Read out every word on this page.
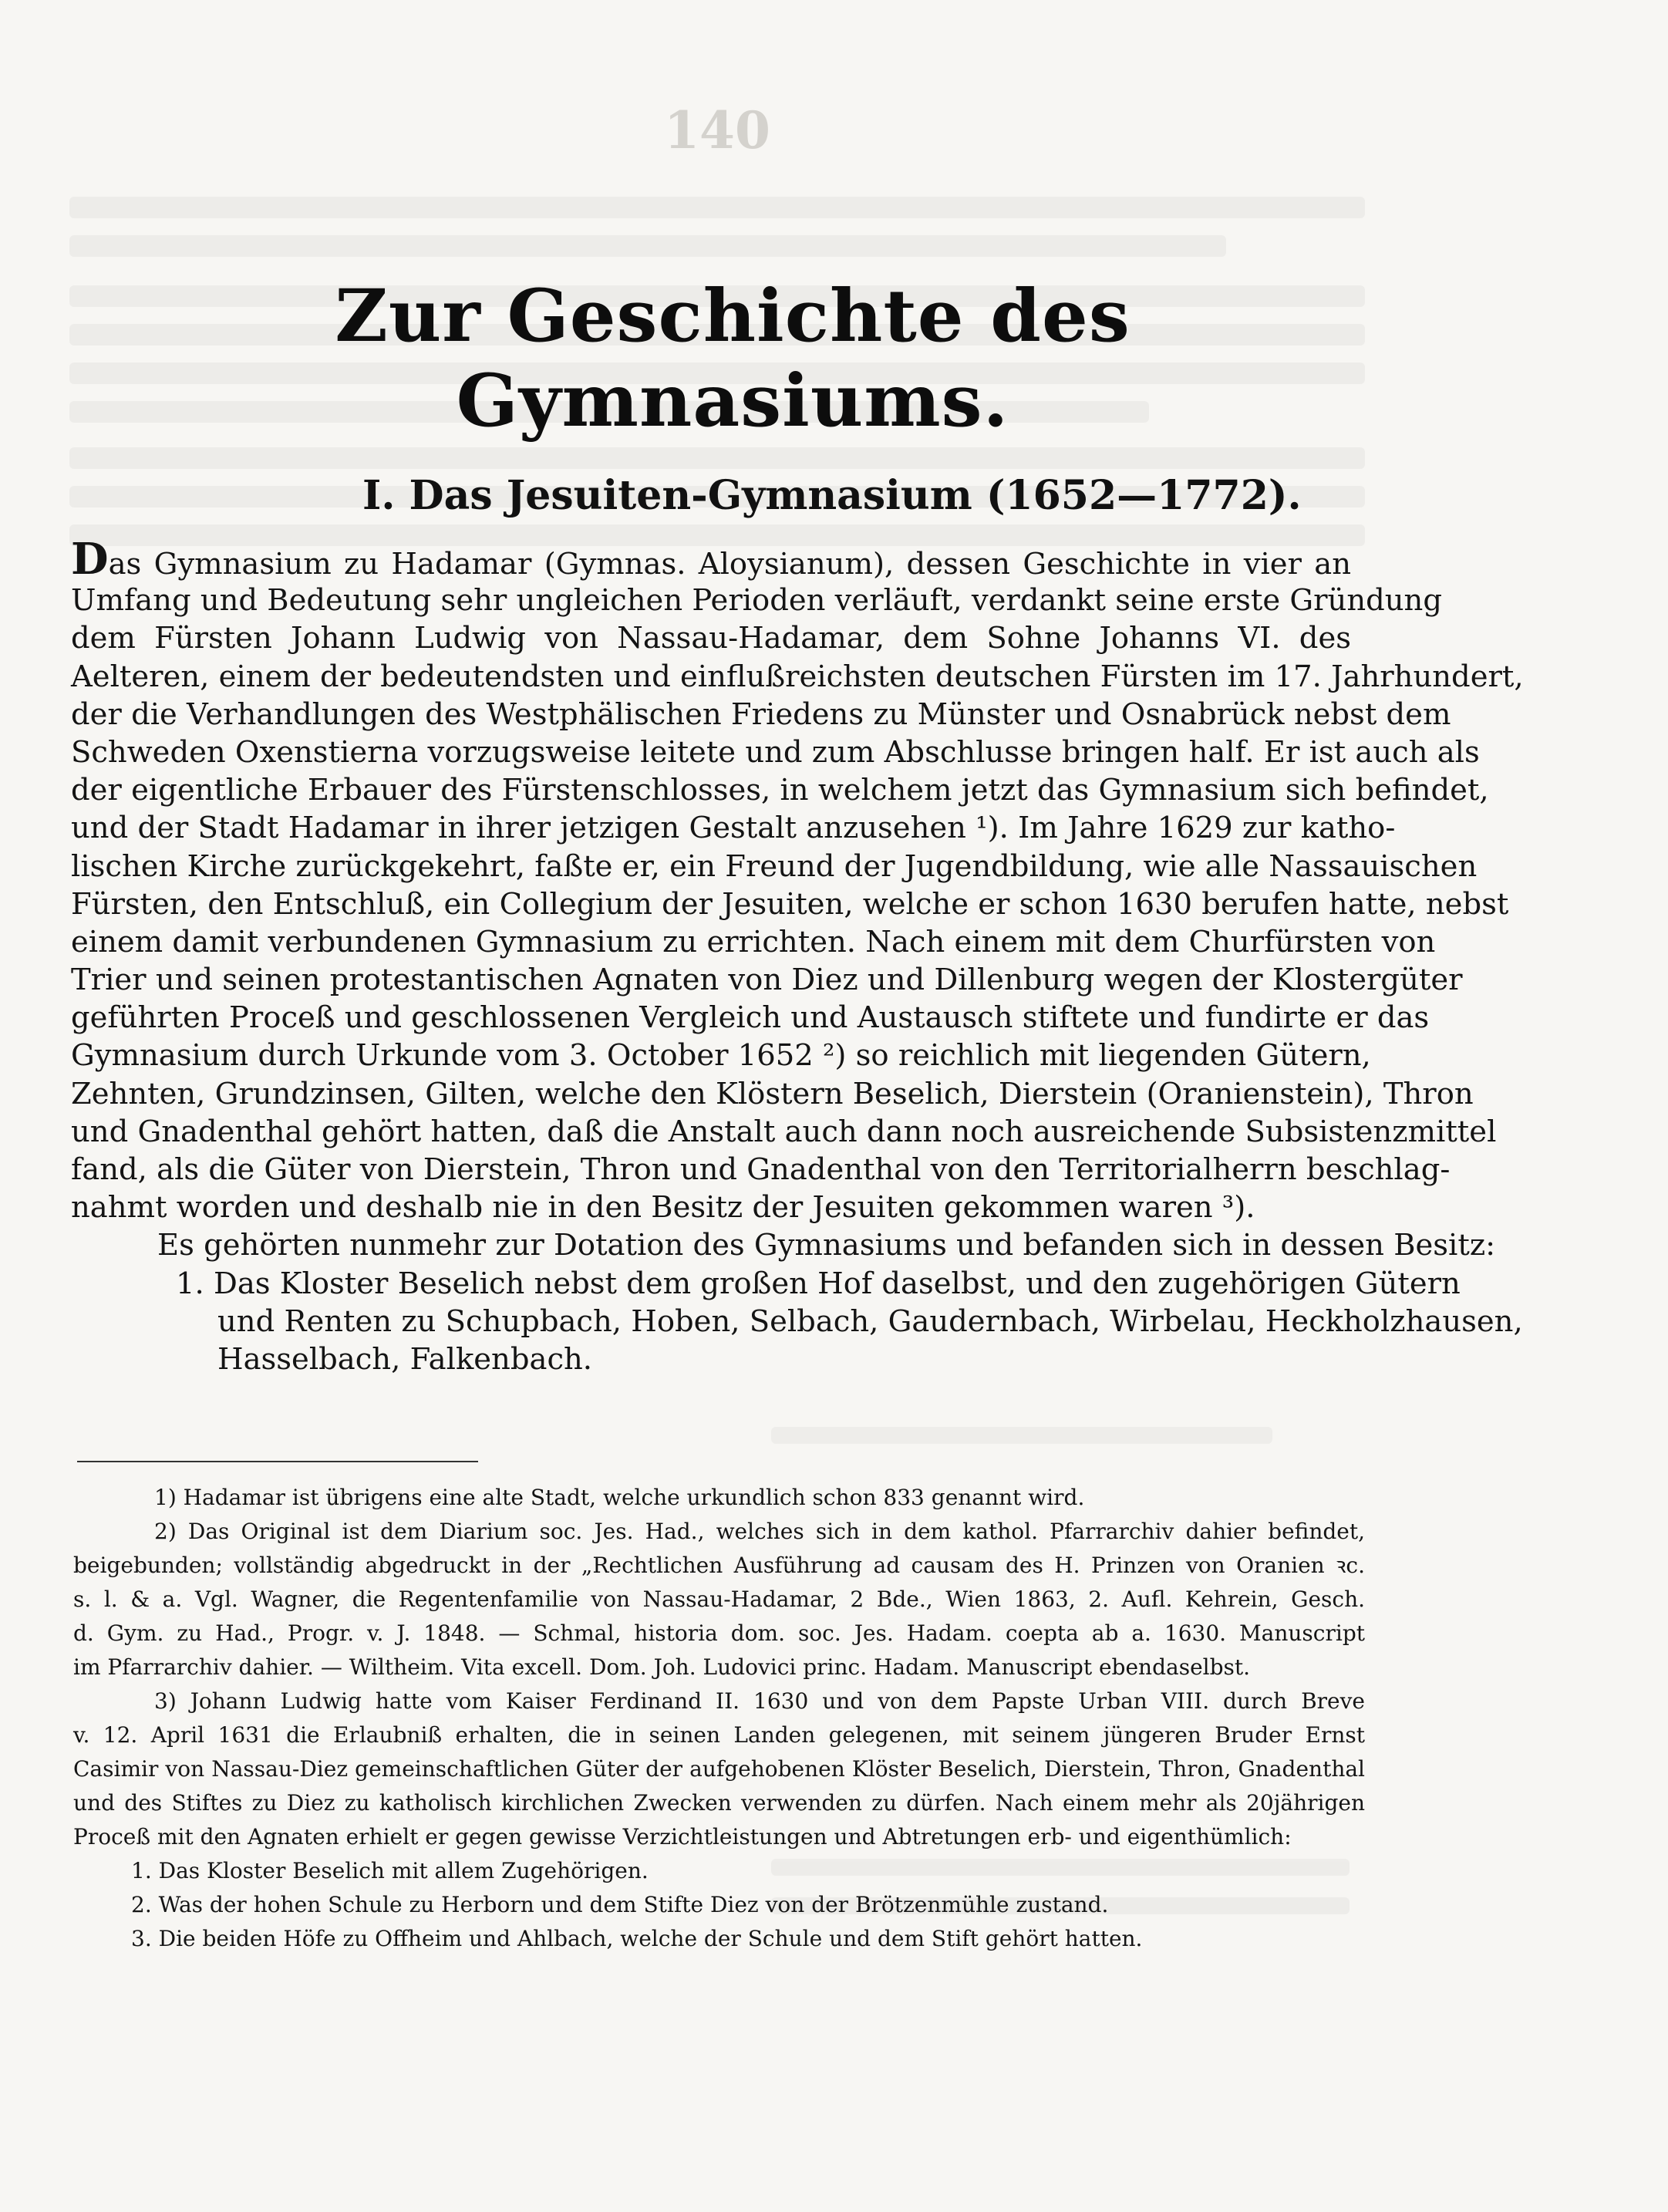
140
Zur Geschichte des Gymnasiums.
I. Das Jesuiten-Gymnasium (1652—1772).
Das Gymnasium zu Hadamar (Gymnas. Aloysianum), dessen Geschichte in vier an
Umfang und Bedeutung sehr ungleichen Perioden verläuft, verdankt seine erste Gründung
dem Fürsten Johann Ludwig von Nassau-Hadamar, dem Sohne Johanns VI. des
Aelteren, einem der bedeutendsten und einflußreichsten deutschen Fürsten im 17. Jahrhundert,
der die Verhandlungen des Westphälischen Friedens zu Münster und Osnabrück nebst dem
Schweden Oxenstierna vorzugsweise leitete und zum Abschlusse bringen half. Er ist auch als
der eigentliche Erbauer des Fürstenschlosses, in welchem jetzt das Gymnasium sich befindet,
und der Stadt Hadamar in ihrer jetzigen Gestalt anzusehen ¹). Im Jahre 1629 zur katho-
lischen Kirche zurückgekehrt, faßte er, ein Freund der Jugendbildung, wie alle Nassauischen
Fürsten, den Entschluß, ein Collegium der Jesuiten, welche er schon 1630 berufen hatte, nebst
einem damit verbundenen Gymnasium zu errichten. Nach einem mit dem Churfürsten von
Trier und seinen protestantischen Agnaten von Diez und Dillenburg wegen der Klostergüter
geführten Proceß und geschlossenen Vergleich und Austausch stiftete und fundirte er das
Gymnasium durch Urkunde vom 3. October 1652 ²) so reichlich mit liegenden Gütern,
Zehnten, Grundzinsen, Gilten, welche den Klöstern Beselich, Dierstein (Oranienstein), Thron
und Gnadenthal gehört hatten, daß die Anstalt auch dann noch ausreichende Subsistenzmittel
fand, als die Güter von Dierstein, Thron und Gnadenthal von den Territorialherrn beschlag-
nahmt worden und deshalb nie in den Besitz der Jesuiten gekommen waren ³).
Es gehörten nunmehr zur Dotation des Gymnasiums und befanden sich in dessen Besitz:
1. Das Kloster Beselich nebst dem großen Hof daselbst, und den zugehörigen Gütern
und Renten zu Schupbach, Hoben, Selbach, Gaudernbach, Wirbelau, Heckholzhausen,
Hasselbach, Falkenbach.
1) Hadamar ist übrigens eine alte Stadt, welche urkundlich schon 833 genannt wird.
2) Das Original ist dem Diarium soc. Jes. Had., welches sich in dem kathol. Pfarrarchiv dahier befindet,
beigebunden; vollständig abgedruckt in der „Rechtlichen Ausführung ad causam des H. Prinzen von Oranien ꝛc.
s. l. & a. Vgl. Wagner, die Regentenfamilie von Nassau-Hadamar, 2 Bde., Wien 1863, 2. Aufl. Kehrein, Gesch.
d. Gym. zu Had., Progr. v. J. 1848. — Schmal, historia dom. soc. Jes. Hadam. coepta ab a. 1630. Manuscript
im Pfarrarchiv dahier. — Wiltheim. Vita excell. Dom. Joh. Ludovici princ. Hadam. Manuscript ebendaselbst.
3) Johann Ludwig hatte vom Kaiser Ferdinand II. 1630 und von dem Papste Urban VIII. durch Breve
v. 12. April 1631 die Erlaubniß erhalten, die in seinen Landen gelegenen, mit seinem jüngeren Bruder Ernst
Casimir von Nassau-Diez gemeinschaftlichen Güter der aufgehobenen Klöster Beselich, Dierstein, Thron, Gnadenthal
und des Stiftes zu Diez zu katholisch kirchlichen Zwecken verwenden zu dürfen. Nach einem mehr als 20jährigen
Proceß mit den Agnaten erhielt er gegen gewisse Verzichtleistungen und Abtretungen erb- und eigenthümlich:
1. Das Kloster Beselich mit allem Zugehörigen.
2. Was der hohen Schule zu Herborn und dem Stifte Diez von der Brötzenmühle zustand.
3. Die beiden Höfe zu Offheim und Ahlbach, welche der Schule und dem Stift gehört hatten.
